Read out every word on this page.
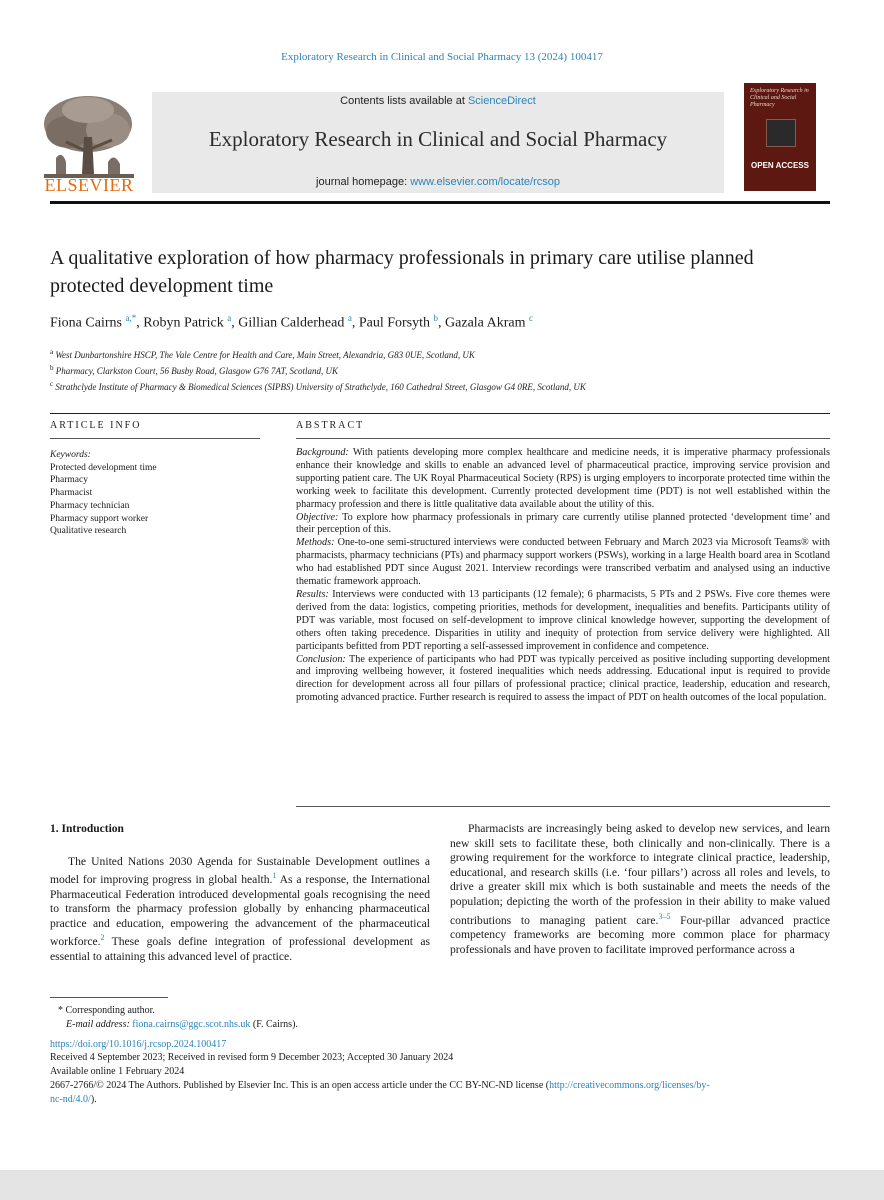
Exploratory Research in Clinical and Social Pharmacy 13 (2024) 100417
ELSEVIER
Contents lists available at ScienceDirect
Exploratory Research in Clinical and Social Pharmacy
journal homepage: www.elsevier.com/locate/rcsop
Exploratory Research in Clinical and Social Pharmacy
OPEN ACCESS
A qualitative exploration of how pharmacy professionals in primary care utilise planned protected development time
Fiona Cairns $^{a,*}$, Robyn Patrick $^a$, Gillian Calderhead $^a$, Paul Forsyth $^b$, Gazala Akram $^c$
$^a$ West Dunbartonshire HSCP, The Vale Centre for Health and Care, Main Street, Alexandria, G83 0UE, Scotland, UK
$^b$ Pharmacy, Clarkston Court, 56 Busby Road, Glasgow G76 7AT, Scotland, UK
$^c$ Strathclyde Institute of Pharmacy & Biomedical Sciences (SIPBS) University of Strathclyde, 160 Cathedral Street, Glasgow G4 0RE, Scotland, UK
ARTICLE INFO	ABSTRACT
Keywords:
Protected development time
Pharmacy
Pharmacist
Pharmacy technician
Pharmacy support worker
Qualitative research

Background: With patients developing more complex healthcare and medicine needs, it is imperative pharmacy professionals enhance their knowledge and skills to enable an advanced level of pharmaceutical practice, improving service provision and supporting patient care. The UK Royal Pharmaceutical Society (RPS) is urging employers to incorporate protected time within the working week to facilitate this development. Currently protected development time (PDT) is not well established within the pharmacy profession and there is little qualitative data available about the utility of this.

Objective: To explore how pharmacy professionals in primary care currently utilise planned protected ‘development time’ and their perception of this.

Methods: One-to-one semi-structured interviews were conducted between February and March 2023 via Microsoft Teams® with pharmacists, pharmacy technicians (PTs) and pharmacy support workers (PSWs), working in a large Health board area in Scotland who had established PDT since August 2021. Interview recordings were transcribed verbatim and analysed using an inductive thematic framework approach.

Results: Interviews were conducted with 13 participants (12 female); 6 pharmacists, 5 PTs and 2 PSWs. Five core themes were derived from the data: logistics, competing priorities, methods for development, inequalities and benefits. Participants utility of PDT was variable, most focused on self-development to improve clinical knowledge however, supporting the development of others often taking precedence. Disparities in utility and inequity of protection from service delivery were highlighted. All participants befitted from PDT reporting a self-assessed improvement in confidence and competence.

Conclusion: The experience of participants who had PDT was typically perceived as positive including supporting development and improving wellbeing however, it fostered inequalities which needs addressing. Educational input is required to provide direction for development across all four pillars of professional practice; clinical practice, leadership, education and research, promoting advanced practice. Further research is required to assess the impact of PDT on health outcomes of the local population.

1. Introduction

The United Nations 2030 Agenda for Sustainable Development outlines a model for improving progress in global health.$^1$ As a response, the International Pharmaceutical Federation introduced developmental goals recognising the need to transform the pharmacy profession globally by enhancing pharmaceutical practice and education, empowering the advancement of the pharmaceutical workforce.$^2$ These goals define integration of professional development as essential to attaining this advanced level of practice.

Pharmacists are increasingly being asked to develop new services, and learn new skill sets to facilitate these, both clinically and non-clinically. There is a growing requirement for the workforce to integrate clinical practice, leadership, educational, and research skills (i.e. ‘four pillars’) across all roles and levels, to drive a greater skill mix which is both sustainable and meets the needs of the population; depicting the worth of the profession in their ability to make valued contributions to managing patient care.$^{3-5}$ Four-pillar advanced practice competency frameworks are becoming more common place for pharmacy professionals and have proven to facilitate improved performance across a

* Corresponding author.
E-mail address: fiona.cairns@ggc.scot.nhs.uk (F. Cairns).
https://doi.org/10.1016/j.rcsop.2024.100417
Received 4 September 2023; Received in revised form 9 December 2023; Accepted 30 January 2024
Available online 1 February 2024
2667-2766/© 2024 The Authors. Published by Elsevier Inc. This is an open access article under the CC BY-NC-ND license (http://creativecommons.org/licenses/by-
nc-nd/4.0/).
